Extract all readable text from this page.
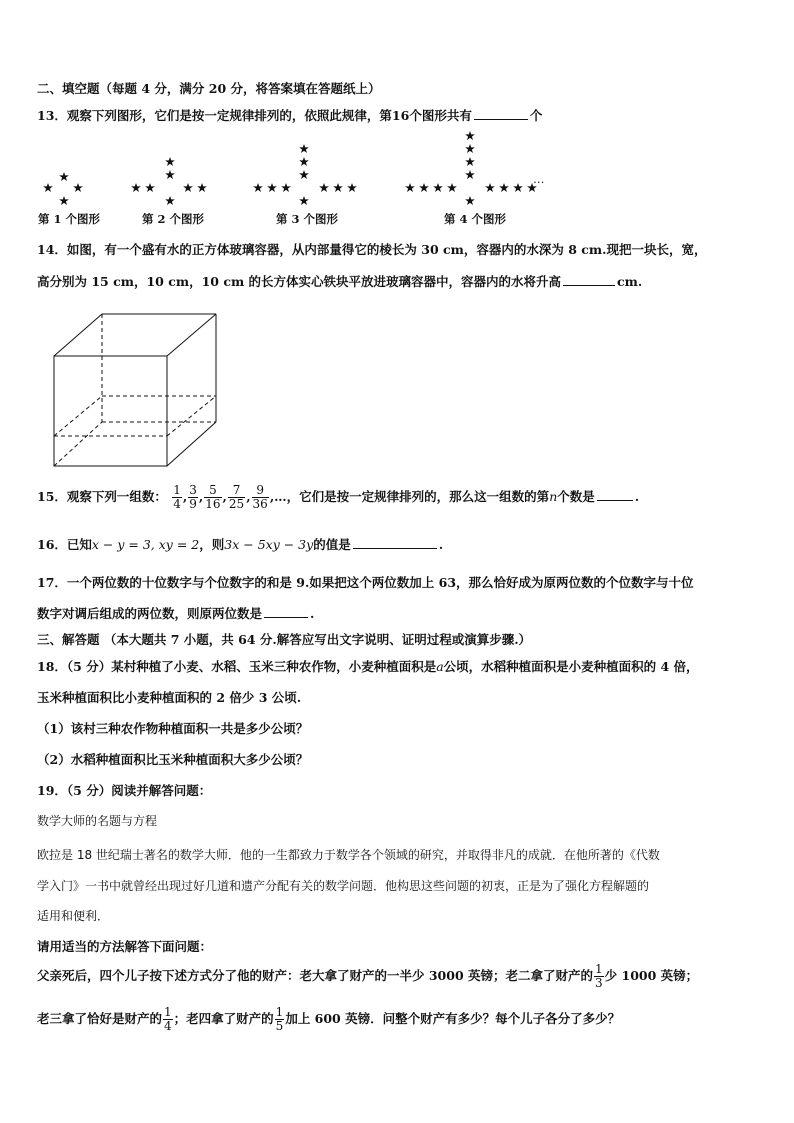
二、填空题（每题 4 分，满分 20 分，将答案填在答题纸上）
13．观察下列图形，它们是按一定规律排列的，依照此规律，第16个图形共有	个
…
第 1 个图形	第 2 个图形	第 3 个图形	第 4 个图形
14．如图，有一个盛有水的正方体玻璃容器，从内部量得它的棱长为 30 cm，容器内的水深为 8 cm.现把一块长，宽，
高分别为 15 cm，10 cm，10 cm 的长方体实心铁块平放进玻璃容器中，容器内的水将升高	cm.
15．观察下列一组数： $\frac{1}{4}$ , $\frac{3}{9}$ , $\frac{5}{16}$ , $\frac{7}{25}$ , $\frac{9}{36}$ ,…，它们是按一定规律排列的，那么这一组数的第n个数是	.
16．已知x − y = 3, xy = 2，则3x − 5xy − 3y的值是	.
17．一个两位数的十位数字与个位数字的和是 9.如果把这个两位数加上 63，那么恰好成为原两位数的个位数字与十位
数字对调后组成的两位数，则原两位数是	.
三、解答题 （本大题共 7 小题，共 64 分.解答应写出文字说明、证明过程或演算步骤.）
18．（5 分）某村种植了小麦、水稻、玉米三种农作物，小麦种植面积是a公顷，水稻种植面积是小麦种植面积的 4 倍，
玉米种植面积比小麦种植面积的 2 倍少 3 公顷.
（1）该村三种农作物种植面积一共是多少公顷？
（2）水稻种植面积比玉米种植面积大多少公顷？
19．（5 分）阅读并解答问题：
数学大师的名题与方程
欧拉是 18 世纪瑞士著名的数学大师．他的一生都致力于数学各个领域的研究，并取得非凡的成就．在他所著的《代数
学入门》一书中就曾经出现过好几道和遗产分配有关的数学问题．他构思这些问题的初衷，正是为了强化方程解题的
适用和便利．
请用适当的方法解答下面问题：
父亲死后，四个儿子按下述方式分了他的财产：老大拿了财产的一半少 3000 英镑；老二拿了财产的 $\frac{1}{3}$ 少 1000 英镑；
老三拿了恰好是财产的 $\frac{1}{4}$ ；老四拿了财产的 $\frac{1}{5}$ 加上 600 英镑．问整个财产有多少？每个儿子各分了多少？
